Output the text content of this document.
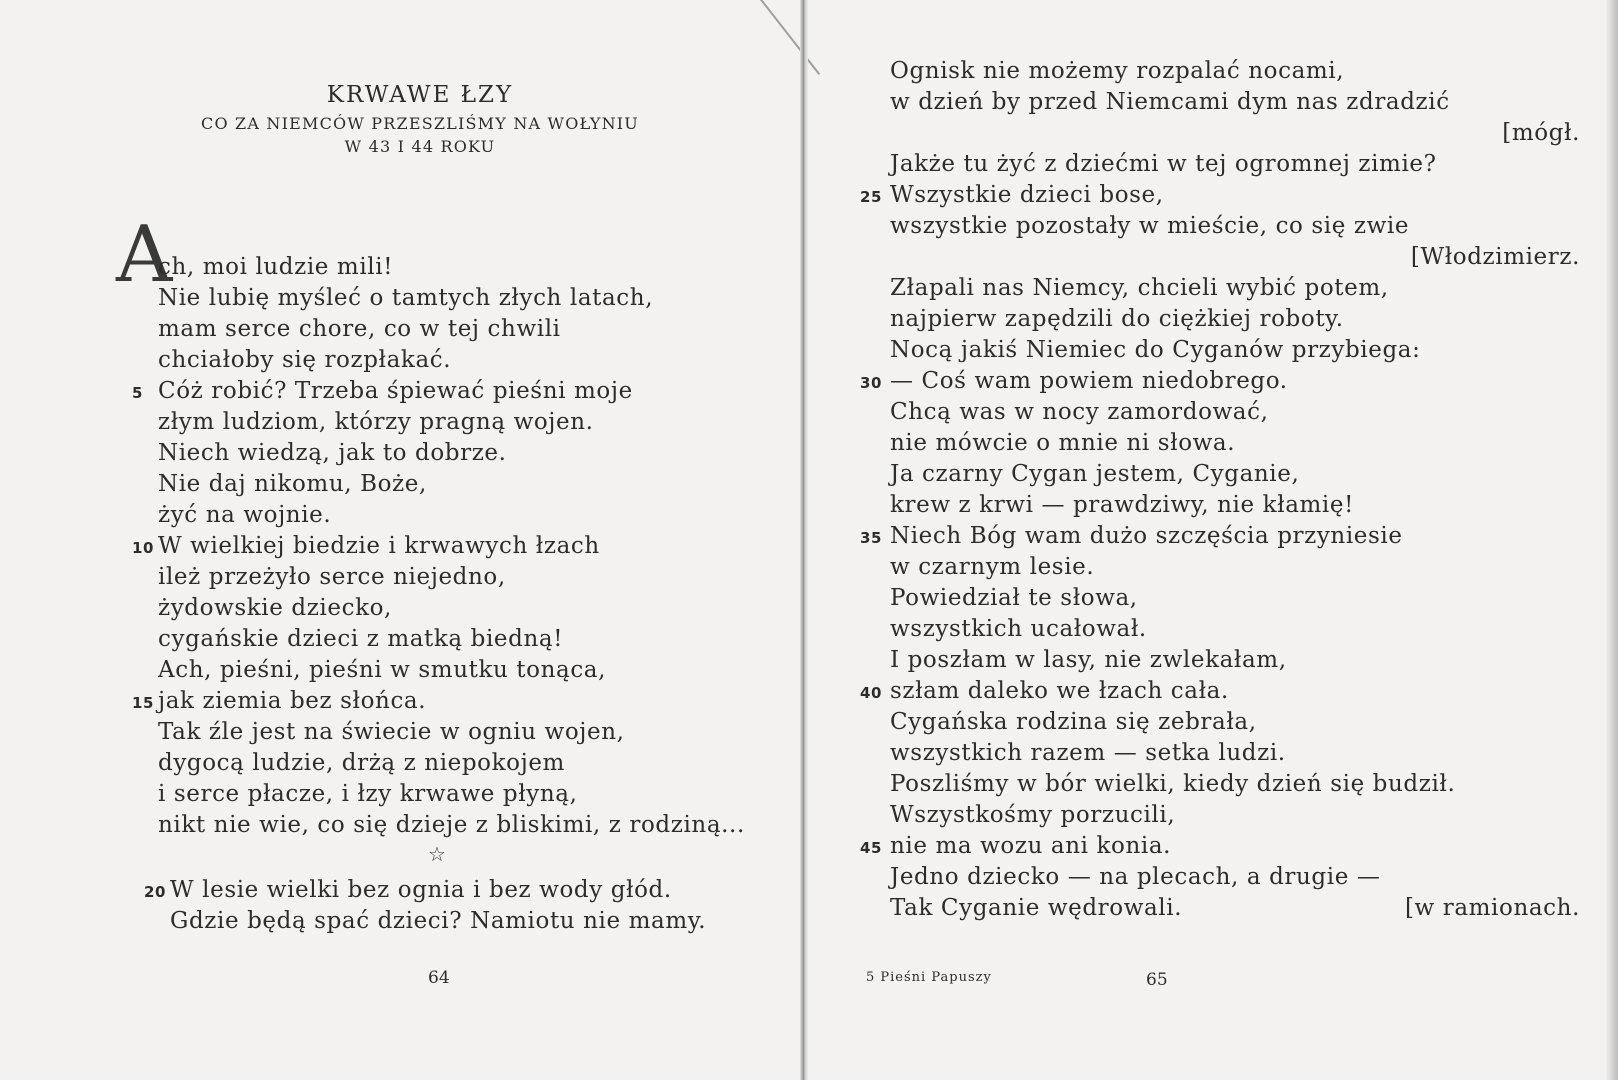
KRWAWE ŁZY
CO ZA NIEMCÓW PRZESZLIŚMY NA WOŁYNIU
W 43 I 44 ROKU
A
ch, moi ludzie mili!
Nie lubię myśleć o tamtych złych latach,
mam serce chore, co w tej chwili
chciałoby się rozpłakać.
5 Cóż robić? Trzeba śpiewać pieśni moje
złym ludziom, którzy pragną wojen.
Niech wiedzą, jak to dobrze.
Nie daj nikomu, Boże,
żyć na wojnie.
10 W wielkiej biedzie i krwawych łzach
ileż przeżyło serce niejedno,
żydowskie dziecko,
cygańskie dzieci z matką biedną!
Ach, pieśni, pieśni w smutku tonąca,
15 jak ziemia bez słońca.
Tak źle jest na świecie w ogniu wojen,
dygocą ludzie, drżą z niepokojem
i serce płacze, i łzy krwawe płyną,
nikt nie wie, co się dzieje z bliskimi, z rodziną...
☆
20 W lesie wielki bez ognia i bez wody głód.
Gdzie będą spać dzieci? Namiotu nie mamy.
64
Ognisk nie możemy rozpalać nocami,
w dzień by przed Niemcami dym nas zdradzić
[mógł.
Jakże tu żyć z dziećmi w tej ogromnej zimie?
25 Wszystkie dzieci bose,
wszystkie pozostały w mieście, co się zwie
[Włodzimierz.
Złapali nas Niemcy, chcieli wybić potem,
najpierw zapędzili do ciężkiej roboty.
Nocą jakiś Niemiec do Cyganów przybiega:
30 — Coś wam powiem niedobrego.
Chcą was w nocy zamordować,
nie mówcie o mnie ni słowa.
Ja czarny Cygan jestem, Cyganie,
krew z krwi — prawdziwy, nie kłamię!
35 Niech Bóg wam dużo szczęścia przyniesie
w czarnym lesie.
Powiedział te słowa,
wszystkich ucałował.
I poszłam w lasy, nie zwlekałam,
40 szłam daleko we łzach cała.
Cygańska rodzina się zebrała,
wszystkich razem — setka ludzi.
Poszliśmy w bór wielki, kiedy dzień się budził.
Wszystkośmy porzucili,
45 nie ma wozu ani konia.
Jedno dziecko — na plecach, a drugie —
Tak Cyganie wędrowali.	[w ramionach.
65
5 Pieśni Papuszy
